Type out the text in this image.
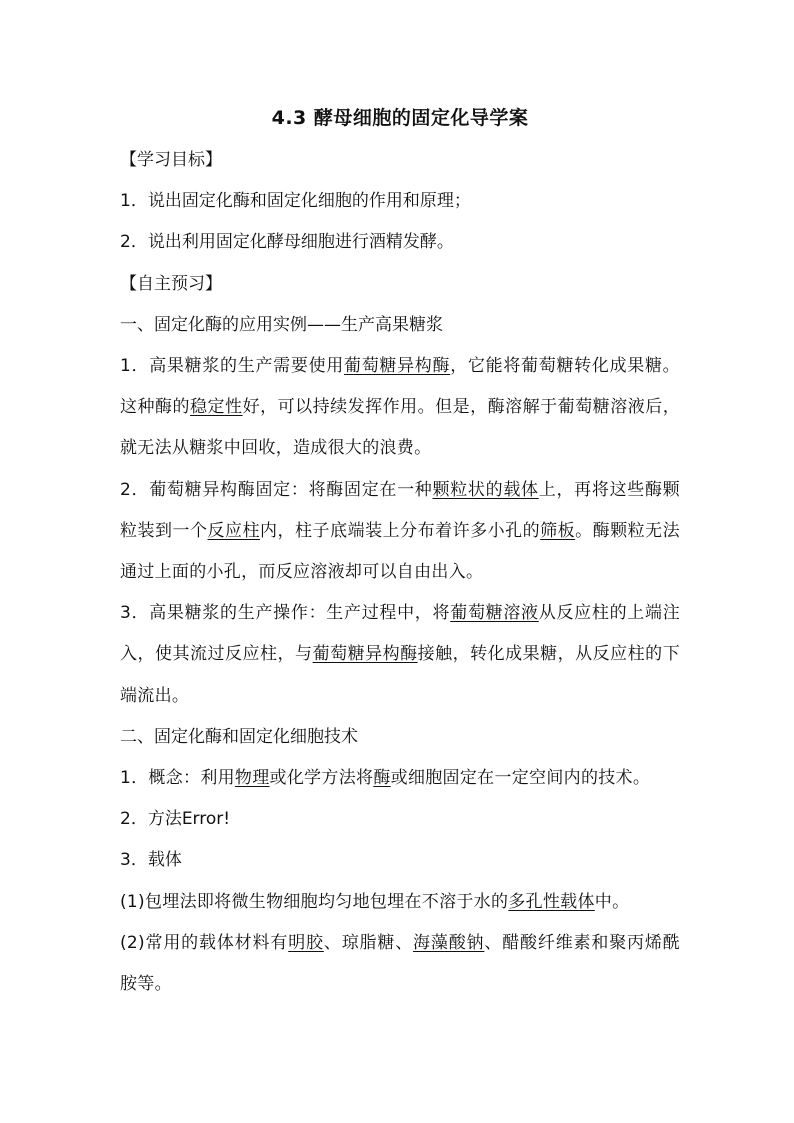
4.3 酵母细胞的固定化导学案

【学习目标】

1．说出固定化酶和固定化细胞的作用和原理；

2．说出利用固定化酵母细胞进行酒精发酵。

【自主预习】

一、固定化酶的应用实例——生产高果糖浆

1．高果糖浆的生产需要使用葡萄糖异构酶，它能将葡萄糖转化成果糖。这种酶的稳定性好，可以持续发挥作用。但是，酶溶解于葡萄糖溶液后，就无法从糖浆中回收，造成很大的浪费。

2．葡萄糖异构酶固定：将酶固定在一种颗粒状的载体上，再将这些酶颗粒装到一个反应柱内，柱子底端装上分布着许多小孔的筛板。酶颗粒无法通过上面的小孔，而反应溶液却可以自由出入。

3．高果糖浆的生产操作：生产过程中，将葡萄糖溶液从反应柱的上端注入，使其流过反应柱，与葡萄糖异构酶接触，转化成果糖，从反应柱的下端流出。

二、固定化酶和固定化细胞技术

1．概念：利用物理或化学方法将酶或细胞固定在一定空间内的技术。

2．方法Error!

3．载体

(1)包埋法即将微生物细胞均匀地包埋在不溶于水的多孔性载体中。

(2)常用的载体材料有明胶、琼脂糖、海藻酸钠、醋酸纤维素和聚丙烯酰胺等。
